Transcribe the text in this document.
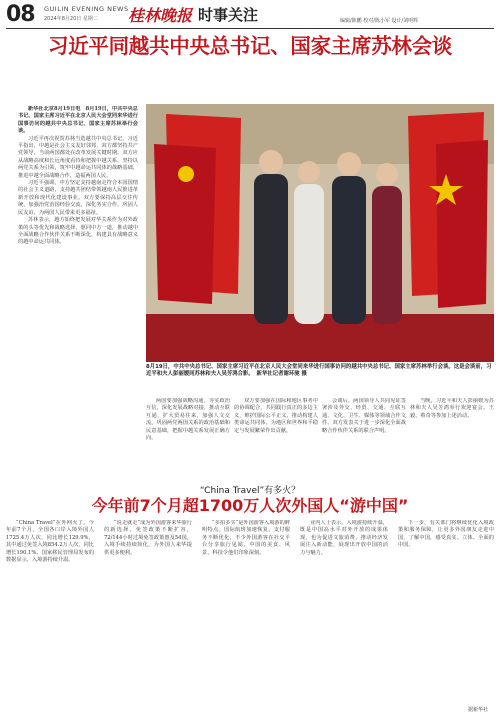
08 GUILIN EVENING NEWS
2024年8月20日 星期二 桂林晚报 时事关注	编辑/陈鹏 校对/陈小军 设计/刘明辉
习近平同越共中央总书记、国家主席苏林会谈

新华社北京8月19日电　8月19日，中共中央总书记、国家主席习近平在北京人民大会堂同来华进行国事访问的越共中央总书记、国家主席苏林举行会谈。

习近平再次祝贺苏林当选越共中央总书记。习近平指出，中越是社会主义友好邻邦，双方都坚持共产党领导，当前两国都处在改革发展关键时期。双方应从战略高度和长远角度看待和把握中越关系，坚持以两党关系为引领，筑牢中越命运共同体的战略基础，推进中越全面战略合作，造福两国人民。

习近平强调，中方坚定支持越南走符合本国国情的社会主义道路，支持越共团结带领越南人民推进革新开放和现代化建设事业。双方要保持高层交往传统，加强治党治国经验交流，深化务实合作，巩固人民友谊，为两国人民带来更多福祉。

苏林表示，越方始终把发展对华关系作为对外政策的头等优先和战略选择，愿同中方一道，推动越中全面战略合作伙伴关系不断深化，构建具有战略意义的越中命运共同体。

8月19日，中共中央总书记、国家主席习近平在北京人民大会堂同来华进行国事访问的越共中央总书记、国家主席苏林举行会谈。这是会谈前，习近平和夫人彭丽媛同苏林和夫人吴芳鸿合影。　新华社记者谢环驰 摄

两国要加强战略沟通，夯实政治互信，深化发展战略对接，推动互联互通，扩大贸易往来，加强人文交流，巩固两党两国关系的政治基础和民意基础，把握中越关系发展正确方向。

双方要加强在国际和地区事务中的协调配合，共同践行真正的多边主义，维护国际公平正义，推动构建人类命运共同体，为地区和世界和平稳定与发展繁荣作出贡献。

会谈后，两国领导人共同见证签署涉及外交、经贸、交通、互联互通、文化、卫生、媒体等领域合作文件。双方发表关于进一步深化全面战略合作伙伴关系的联合声明。

当晚，习近平和夫人彭丽媛为苏林和夫人吴芳鸿举行欢迎宴会。王毅、蔡奇等参加上述活动。

“China Travel”有多火？
今年前7个月超1700万人次外国人“游中国”

“China Travel”在外网火了。今年前7个月，全国各口岸入境外国人1725.4万人次，同比增长129.9%，其中通过免签入境854.2万人次，同比增长190.1%。国家移民管理局发布的数据显示，入境游持续升温。

“说走就走”成为外国游客来华旅行的新选择。免签政策不断扩容，72/144小时过境免签政策惠及54国，入境手续持续简化，为外国人来华提供更多便利。

“多拍多买”是外国游客入境游的鲜明特点。国际航班加速恢复，支付服务不断优化，不少外国游客在社交平台分享旅行见闻，中国的美食、风景、科技令他们印象深刻。

业内人士表示，入境游持续升温，既是中国高水平对外开放的成果体现，也为促进文旅消费、推动经济发展注入新动能，展现出开放中国的活力与魅力。

下一步，有关部门将继续优化入境政策和服务保障，让更多外国朋友走进中国、了解中国，感受真实、立体、全面的中国。

据新华社
